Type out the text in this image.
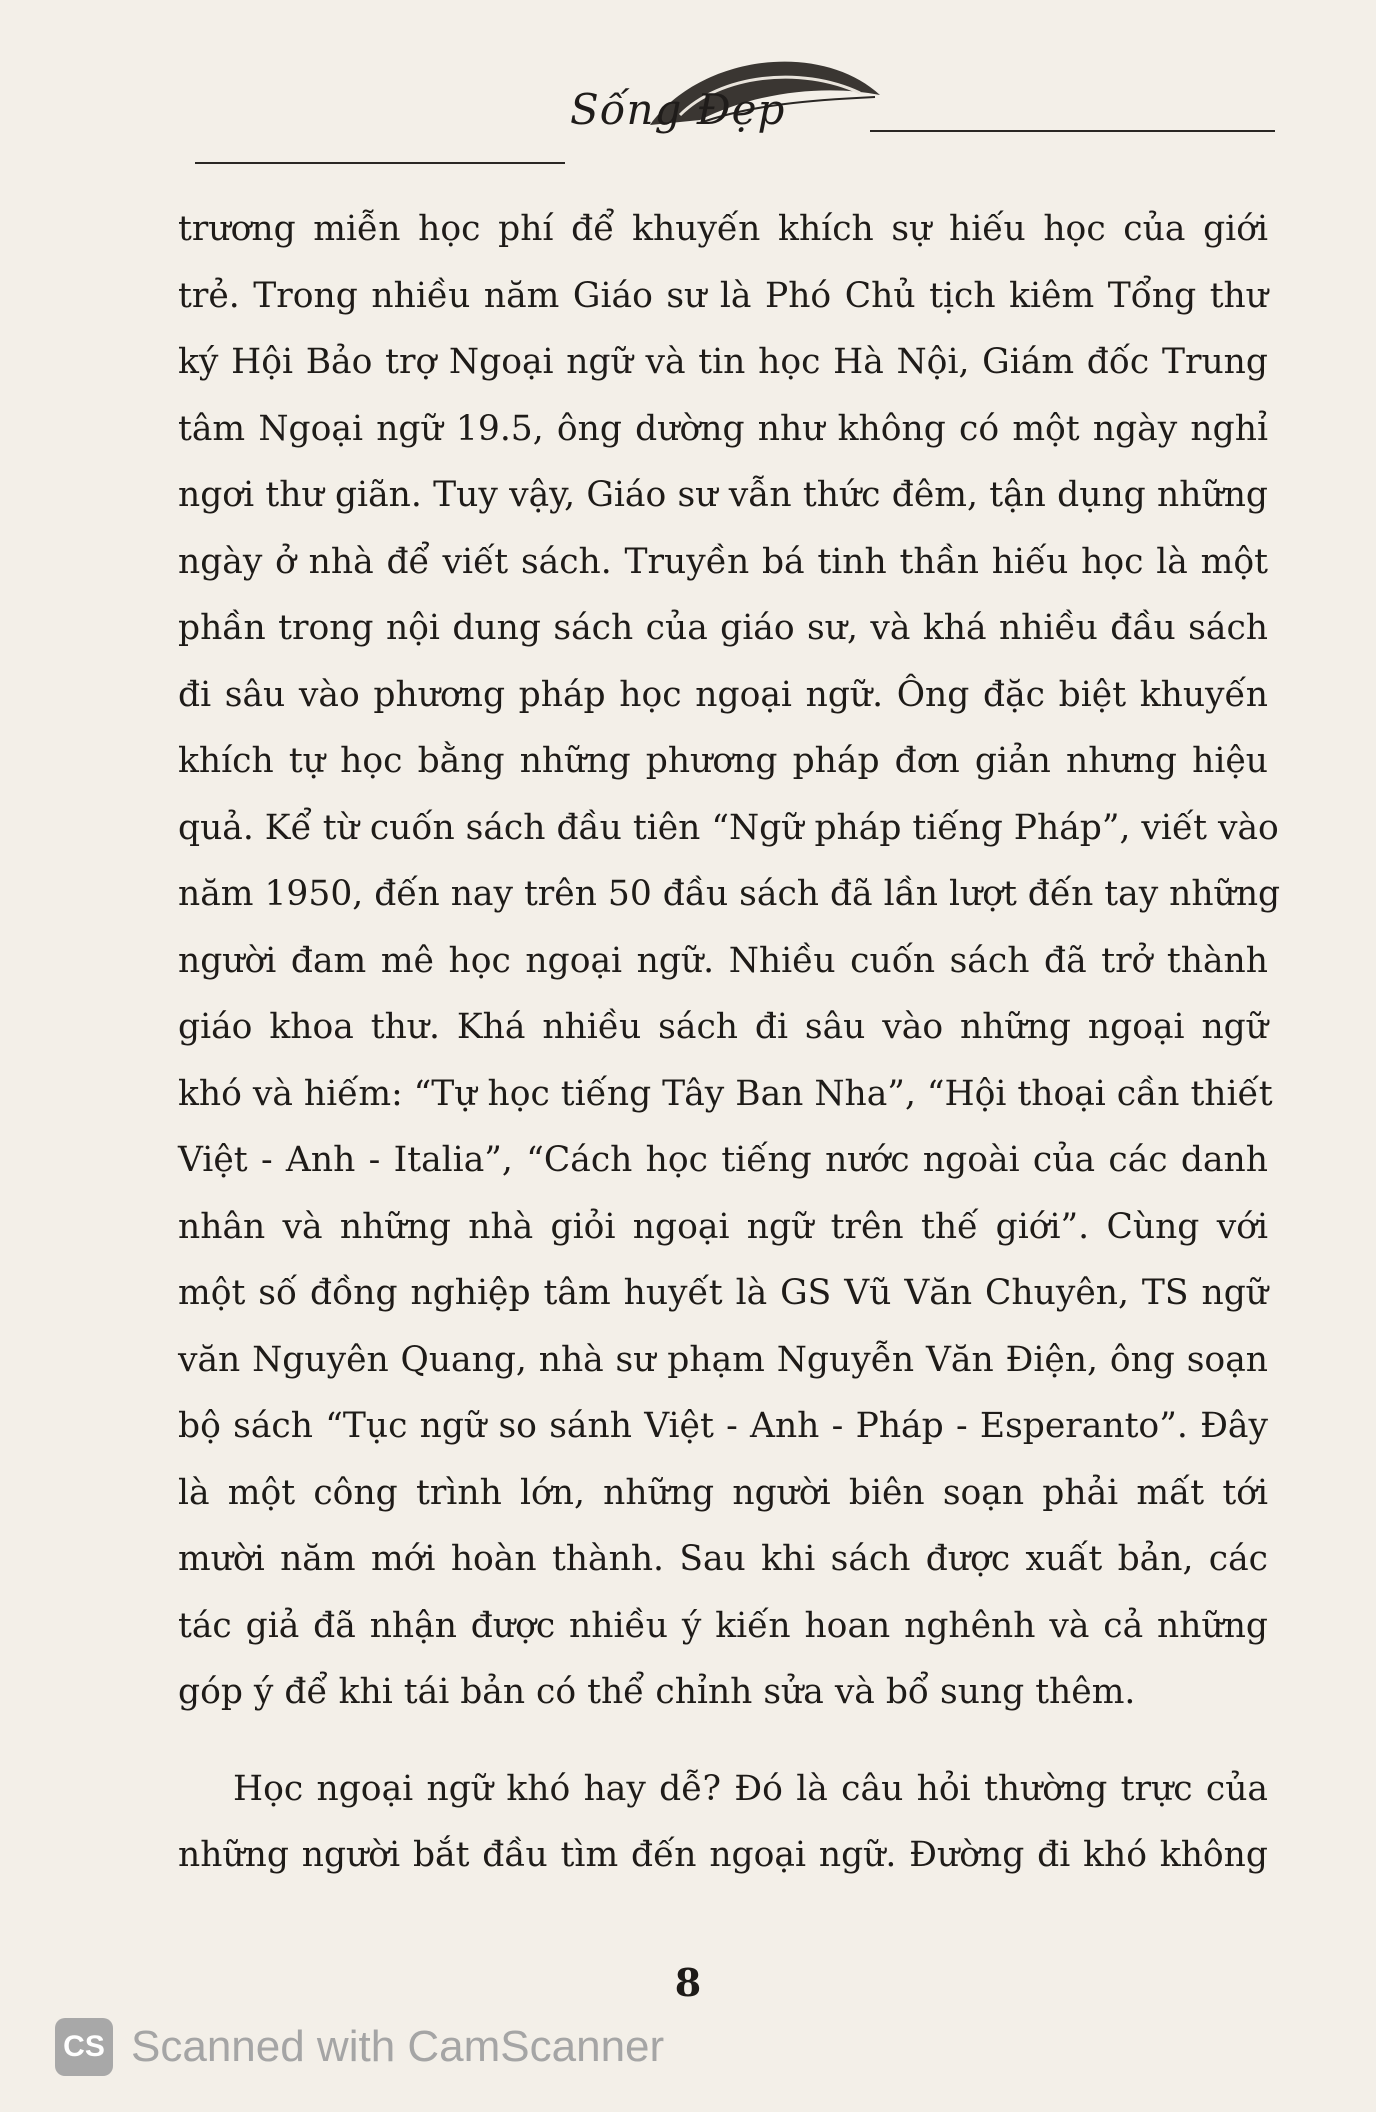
Sống Đẹp
trương miễn học phí để khuyến khích sự hiếu học của giới
trẻ. Trong nhiều năm Giáo sư là Phó Chủ tịch kiêm Tổng thư
ký Hội Bảo trợ Ngoại ngữ và tin học Hà Nội, Giám đốc Trung
tâm Ngoại ngữ 19.5, ông dường như không có một ngày nghỉ
ngơi thư giãn. Tuy vậy, Giáo sư vẫn thức đêm, tận dụng những
ngày ở nhà để viết sách. Truyền bá tinh thần hiếu học là một
phần trong nội dung sách của giáo sư, và khá nhiều đầu sách
đi sâu vào phương pháp học ngoại ngữ. Ông đặc biệt khuyến
khích tự học bằng những phương pháp đơn giản nhưng hiệu
quả. Kể từ cuốn sách đầu tiên “Ngữ pháp tiếng Pháp”, viết vào
năm 1950, đến nay trên 50 đầu sách đã lần lượt đến tay những
người đam mê học ngoại ngữ. Nhiều cuốn sách đã trở thành
giáo khoa thư. Khá nhiều sách đi sâu vào những ngoại ngữ
khó và hiếm: “Tự học tiếng Tây Ban Nha”, “Hội thoại cần thiết
Việt - Anh - Italia”, “Cách học tiếng nước ngoài của các danh
nhân và những nhà giỏi ngoại ngữ trên thế giới”. Cùng với
một số đồng nghiệp tâm huyết là GS Vũ Văn Chuyên, TS ngữ
văn Nguyên Quang, nhà sư phạm Nguyễn Văn Điện, ông soạn
bộ sách “Tục ngữ so sánh Việt - Anh - Pháp - Esperanto”. Đây
là một công trình lớn, những người biên soạn phải mất tới
mười năm mới hoàn thành. Sau khi sách được xuất bản, các
tác giả đã nhận được nhiều ý kiến hoan nghênh và cả những
góp ý để khi tái bản có thể chỉnh sửa và bổ sung thêm.
Học ngoại ngữ khó hay dễ? Đó là câu hỏi thường trực của
những người bắt đầu tìm đến ngoại ngữ. Đường đi khó không
8
CS Scanned with CamScanner
